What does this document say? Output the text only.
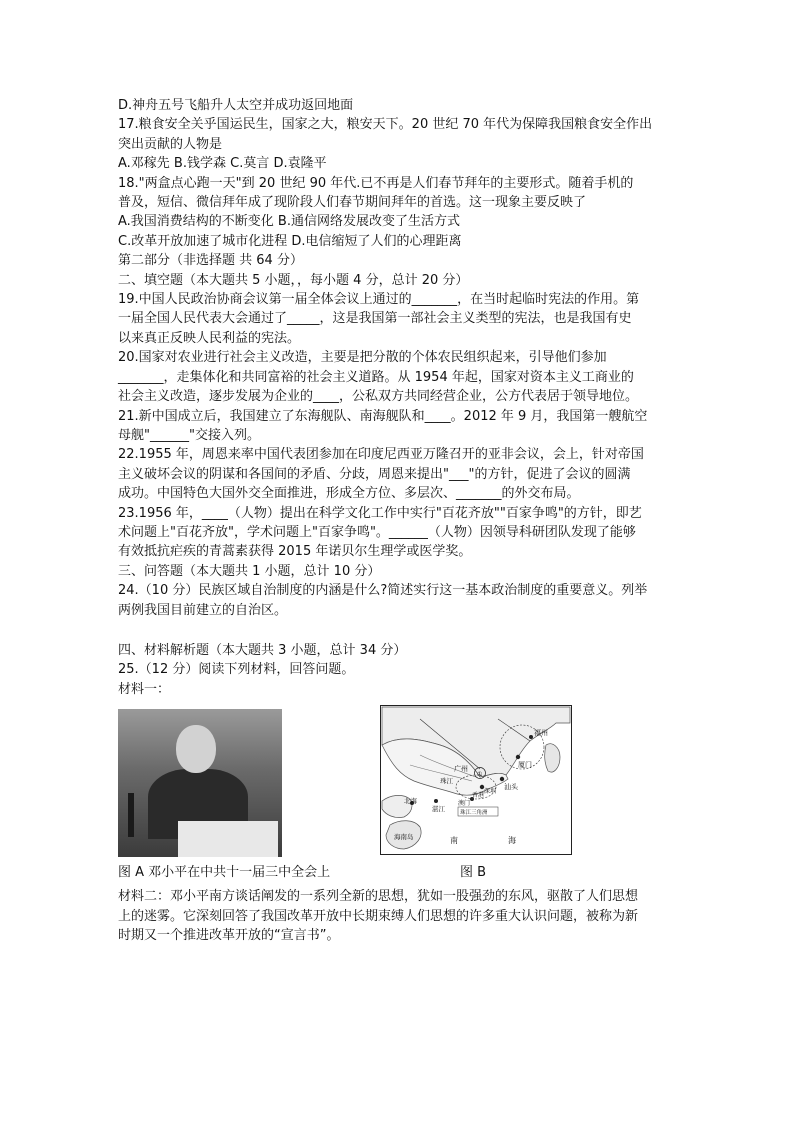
D.神舟五号飞船升人太空并成功返回地面

17.粮食安全关乎国运民生，国家之大，粮安天下。20 世纪 70 年代为保障我国粮食安全作出

突出贡献的人物是

A.邓稼先 B.钱学森 C.莫言 D.袁隆平

18."两盒点心跑一天"到 20 世纪 90 年代.已不再是人们春节拜年的主要形式。随着手机的

普及，短信、微信拜年成了现阶段人们春节期间拜年的首选。这一现象主要反映了

A.我国消费结构的不断变化 B.通信网络发展改变了生活方式

C.改革开放加速了城市化进程 D.电信缩短了人们的心理距离

第二部分（非选择题 共 64 分）

二、填空题（本大题共 5 小题，，每小题 4 分，总计 20 分）

19.中国人民政治协商会议第一届全体会议上通过的_______，在当时起临时宪法的作用。第

一届全国人民代表大会通过了_____，这是我国第一部社会主义类型的宪法，也是我国有史

以来真正反映人民利益的宪法。

20.国家对农业进行社会主义改造，主要是把分散的个体农民组织起来，引导他们参加

_______，走集体化和共同富裕的社会主义道路。从 1954 年起，国家对资本主义工商业的

社会主义改造，逐步发展为企业的____，公私双方共同经营企业，公方代表居于领导地位。

21.新中国成立后，我国建立了东海舰队、南海舰队和____。2012 年 9 月，我国第一艘航空

母舰"______"交接入列。

22.1955 年，周恩来率中国代表团参加在印度尼西亚万隆召开的亚非会议，会上，针对帝国

主义破坏会议的阴谋和各国间的矛盾、分歧，周恩来提出"___"的方针，促进了会议的圆满

成功。中国特色大国外交全面推进，形成全方位、多层次、_______的外交布局。

23.1956 年，____（人物）提出在科学文化工作中实行"百花齐放""百家争鸣"的方针，即艺

术问题上"百花齐放"，学术问题上"百家争鸣"。______（人物）因领导科研团队发现了能够

有效抵抗疟疾的青蒿素获得 2015 年诺贝尔生理学或医学奖。

三、问答题（本大题共 1 小题，总计 10 分）

24.（10 分）民族区域自治制度的内涵是什么?简述实行这一基本政治制度的重要意义。列举

两例我国目前建立的自治区。

四、材料解析题（本大题共 3 小题，总计 34 分）

25.（12 分）阅读下列材料，回答问题。

材料一：

福州
厦门
汕头
广州
珠江
深圳
香港
澳门
北海
湛江
海南岛	南	海
珠江三角洲
①
图 A 邓小平在中共十一届三中全会上	图 B

材料二：邓小平南方谈话阐发的一系列全新的思想，犹如一股强劲的东风，驱散了人们思想

上的迷雾。它深刻回答了我国改革开放中长期束缚人们思想的许多重大认识问题，被称为新

时期又一个推进改革开放的“宣言书”。
